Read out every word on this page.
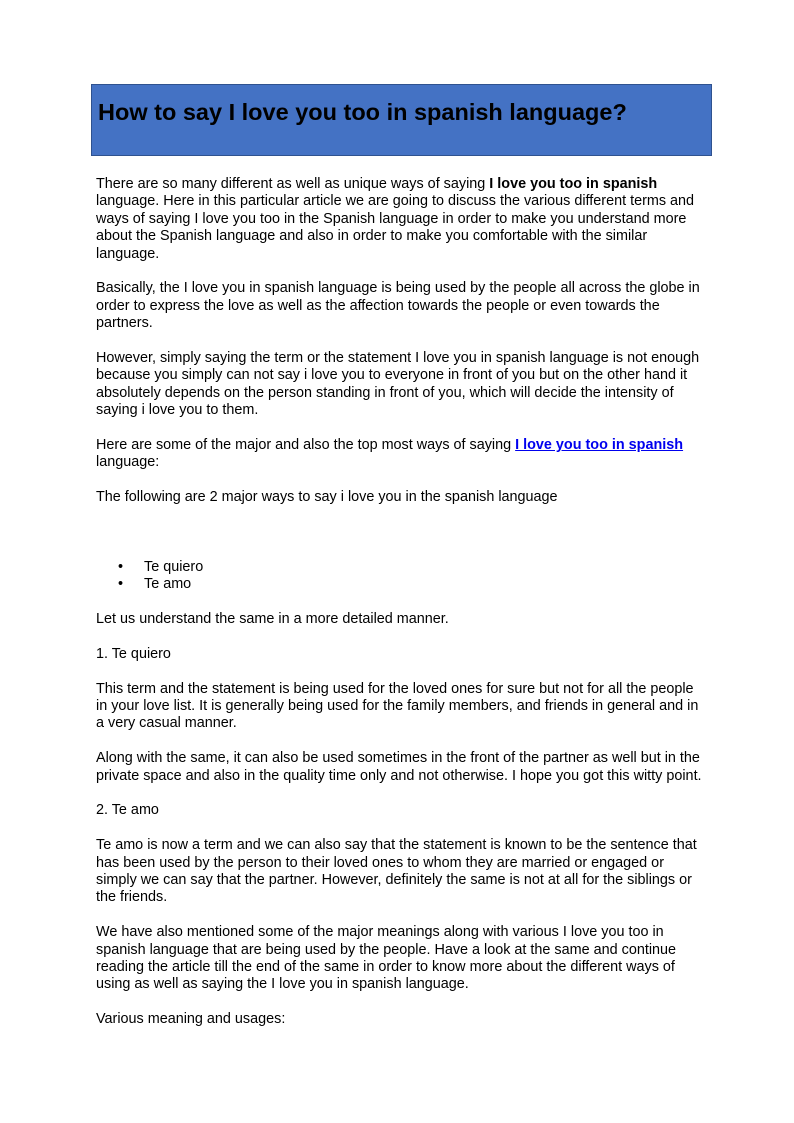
How to say I love you too in spanish language?

There are so many different as well as unique ways of saying I love you too in spanish language. Here in this particular article we are going to discuss the various different terms and ways of saying I love you too in the Spanish language in order to make you understand more about the Spanish language and also in order to make you comfortable with the similar language.

Basically, the I love you in spanish language is being used by the people all across the globe in order to express the love as well as the affection towards the people or even towards the partners.

However, simply saying the term or the statement I love you in spanish language is not enough because you simply can not say i love you to everyone in front of you but on the other hand it absolutely depends on the person standing in front of you, which will decide the intensity of saying i love you to them.

Here are some of the major and also the top most ways of saying I love you too in spanish language:

The following are 2 major ways to say i love you in the spanish language

• Te quiero
• Te amo

Let us understand the same in a more detailed manner.

1. Te quiero

This term and the statement is being used for the loved ones for sure but not for all the people in your love list. It is generally being used for the family members, and friends in general and in a very casual manner.

Along with the same, it can also be used sometimes in the front of the partner as well but in the private space and also in the quality time only and not otherwise. I hope you got this witty point.

2. Te amo

Te amo is now a term and we can also say that the statement is known to be the sentence that has been used by the person to their loved ones to whom they are married or engaged or simply we can say that the partner. However, definitely the same is not at all for the siblings or the friends.

We have also mentioned some of the major meanings along with various I love you too in spanish language that are being used by the people. Have a look at the same and continue reading the article till the end of the same in order to know more about the different ways of using as well as saying the I love you in spanish language.

Various meaning and usages:
